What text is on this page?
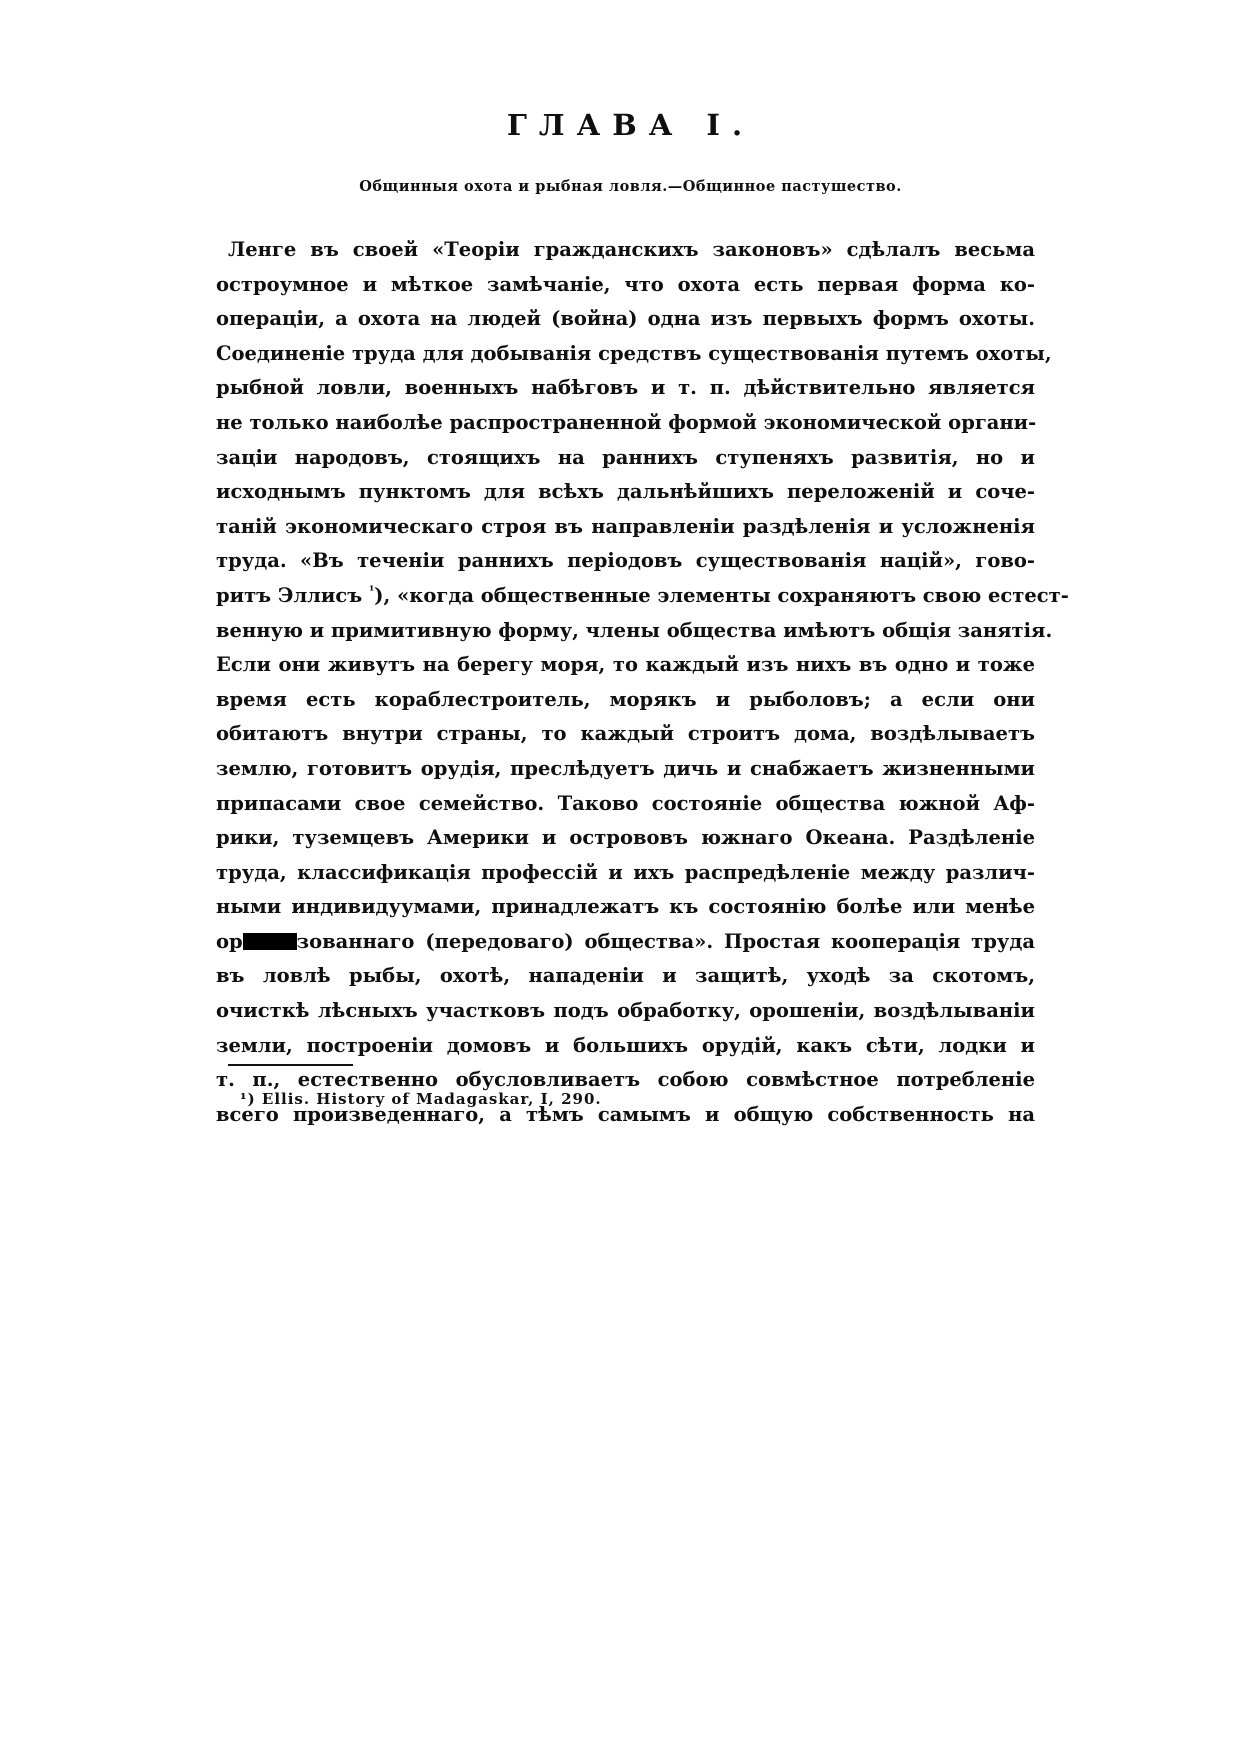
ГЛАВА I.
Общинныя охота и рыбная ловля.—Общинное пастушество.
Ленге въ своей «Теоріи гражданскихъ законовъ» сдѣлалъ весьма
остроумное и мѣткое замѣчаніе, что охота есть первая форма ко-
операціи, а охота на людей (война) одна изъ первыхъ формъ охоты.
Соединеніе труда для добыванія средствъ существованія путемъ охоты,
рыбной ловли, военныхъ набѣговъ и т. п. дѣйствительно является
не только наиболѣе распространенной формой экономической органи-
заціи народовъ, стоящихъ на раннихъ ступеняхъ развитія, но и
исходнымъ пунктомъ для всѣхъ дальнѣйшихъ переложеній и соче-
таній экономическаго строя въ направленіи раздѣленія и усложненія
труда. «Въ теченіи раннихъ періодовъ существованія націй», гово-
ритъ Эллисъ $^{^1}$), «когда общественные элементы сохраняютъ свою естест-
венную и примитивную форму, члены общества имѣютъ общія занятія.
Если они живутъ на берегу моря, то каждый изъ нихъ въ одно и тоже
время есть кораблестроитель, морякъ и рыболовъ; а если они
обитаютъ внутри страны, то каждый строитъ дома, воздѣлываетъ
землю, готовитъ орудія, преслѣдуетъ дичь и снабжаетъ жизненными
припасами свое семейство. Таково состояніе общества южной Аф-
рики, туземцевъ Америки и острововъ южнаго Океана. Раздѣленіе
труда, классификація профессій и ихъ распредѣленіе между различ-
ными индивидуумами, принадлежатъ къ состоянію болѣе или менѣе
ор	зованнаго (передоваго) общества». Простая кооперація труда
въ ловлѣ рыбы, охотѣ, нападеніи и защитѣ, уходѣ за скотомъ,
очисткѣ лѣсныхъ участковъ подъ обработку, орошеніи, воздѣлываніи
земли, построеніи домовъ и большихъ орудій, какъ сѣти, лодки и
т. п., естественно обусловливаетъ собою совмѣстное потребленіе
всего произведеннаго, а тѣмъ самымъ и общую собственность на
¹) Ellis. History of Madagaskar, I, 290.
